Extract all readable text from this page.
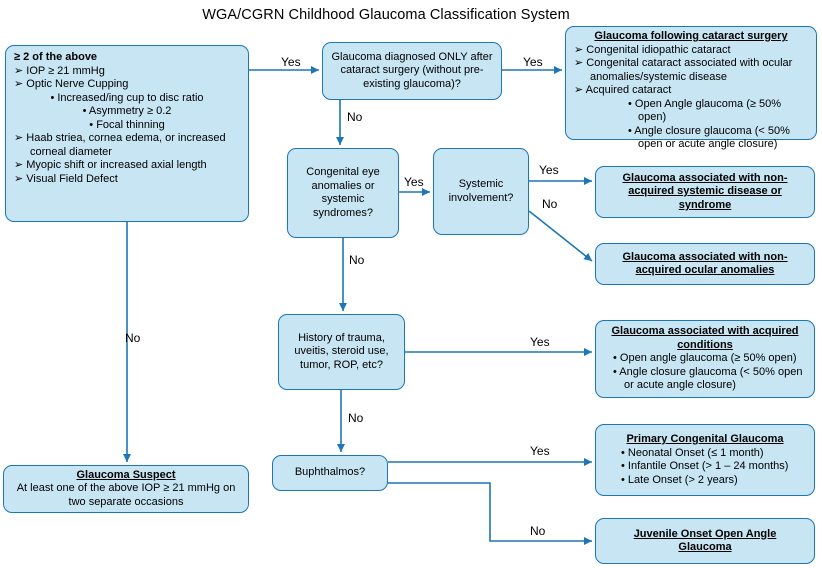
WGA/CGRN Childhood Glaucoma Classification System
≥ 2 of the above
➢ IOP ≥ 21 mmHg
➢ Optic Nerve Cupping
• Increased/ing cup to disc ratio
• Asymmetry ≥ 0.2
• Focal thinning
➢ Haab striea, cornea edema, or increased corneal diameter
➢ Myopic shift or increased axial length
➢ Visual Field Defect
Glaucoma diagnosed ONLY after cataract surgery (without pre-existing glaucoma)?
Glaucoma following cataract surgery
➢ Congenital idiopathic cataract
➢ Congenital cataract associated with ocular anomalies/systemic disease
➢ Acquired cataract
• Open Angle glaucoma (≥ 50% open)
• Angle closure glaucoma (< 50% open or acute angle closure)
Congenital eye anomalies or systemic syndromes?
Systemic involvement?
Glaucoma associated with non-acquired systemic disease or syndrome
Glaucoma associated with non-acquired ocular anomalies
History of trauma, uveitis, steroid use, tumor, ROP, etc?
Glaucoma associated with acquired conditions
• Open angle glaucoma (≥ 50% open)
• Angle closure glaucoma (< 50% open or acute angle closure)
Buphthalmos?
Primary Congenital Glaucoma
• Neonatal Onset (≤ 1 month)
• Infantile Onset (> 1 – 24 months)
• Late Onset (> 2 years)
Juvenile Onset Open Angle Glaucoma
Glaucoma Suspect
At least one of the above IOP ≥ 21 mmHg on two separate occasions
Yes	Yes
No
Yes
Yes
No
No
Yes
No
Yes
No
No
